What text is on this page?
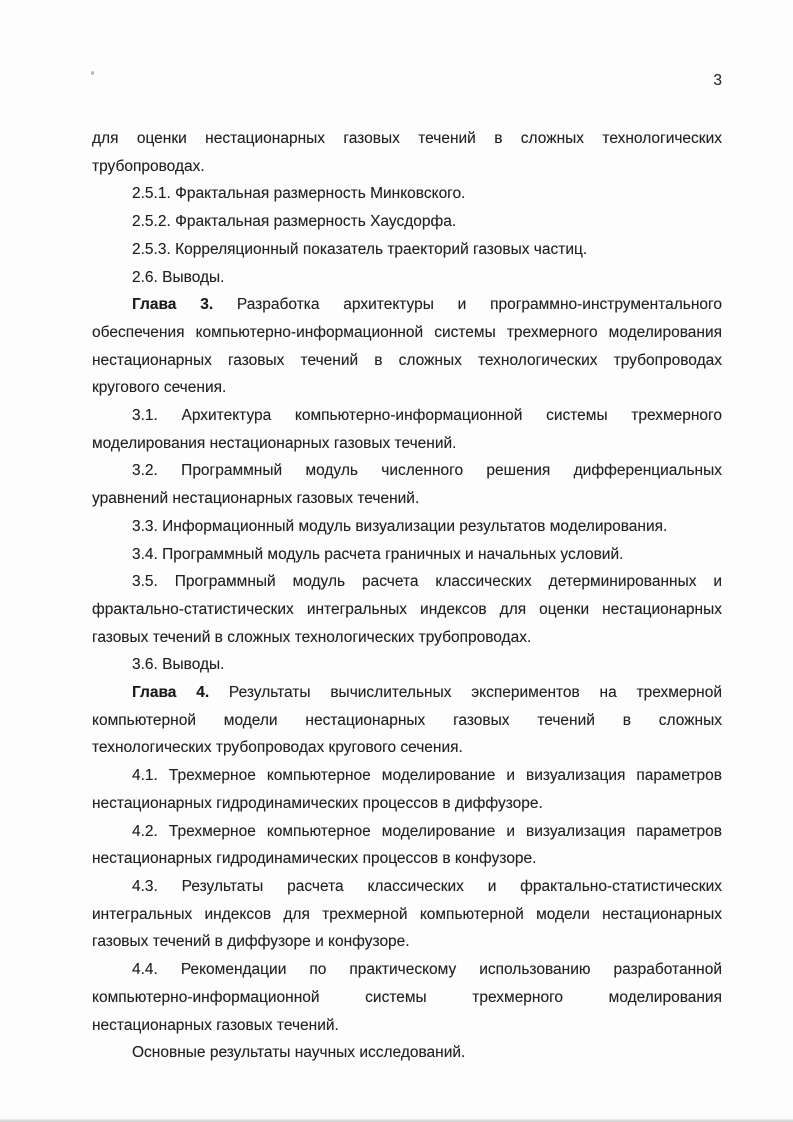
3

для оценки нестационарных газовых течений в сложных технологических
трубопроводах.

2.5.1. Фрактальная размерность Минковского.

2.5.2. Фрактальная размерность Хаусдорфа.

2.5.3. Корреляционный показатель траекторий газовых частиц.

2.6. Выводы.

Глава 3. Разработка архитектуры и программно-инструментального
обеспечения компьютерно-информационной системы трехмерного моделирования
нестационарных газовых течений в сложных технологических трубопроводах
кругового сечения.

3.1. Архитектура компьютерно-информационной системы трехмерного
моделирования нестационарных газовых течений.

3.2. Программный модуль численного решения дифференциальных
уравнений нестационарных газовых течений.

3.3. Информационный модуль визуализации результатов моделирования.

3.4. Программный модуль расчета граничных и начальных условий.

3.5. Программный модуль расчета классических детерминированных и
фрактально-статистических интегральных индексов для оценки нестационарных
газовых течений в сложных технологических трубопроводах.

3.6. Выводы.

Глава 4. Результаты вычислительных экспериментов на трехмерной
компьютерной модели нестационарных газовых течений в сложных
технологических трубопроводах кругового сечения.

4.1. Трехмерное компьютерное моделирование и визуализация параметров
нестационарных гидродинамических процессов в диффузоре.

4.2. Трехмерное компьютерное моделирование и визуализация параметров
нестационарных гидродинамических процессов в конфузоре.

4.3. Результаты расчета классических и фрактально-статистических
интегральных индексов для трехмерной компьютерной модели нестационарных
газовых течений в диффузоре и конфузоре.

4.4. Рекомендации по практическому использованию разработанной
компьютерно-информационной системы трехмерного моделирования
нестационарных газовых течений.

Основные результаты научных исследований.
